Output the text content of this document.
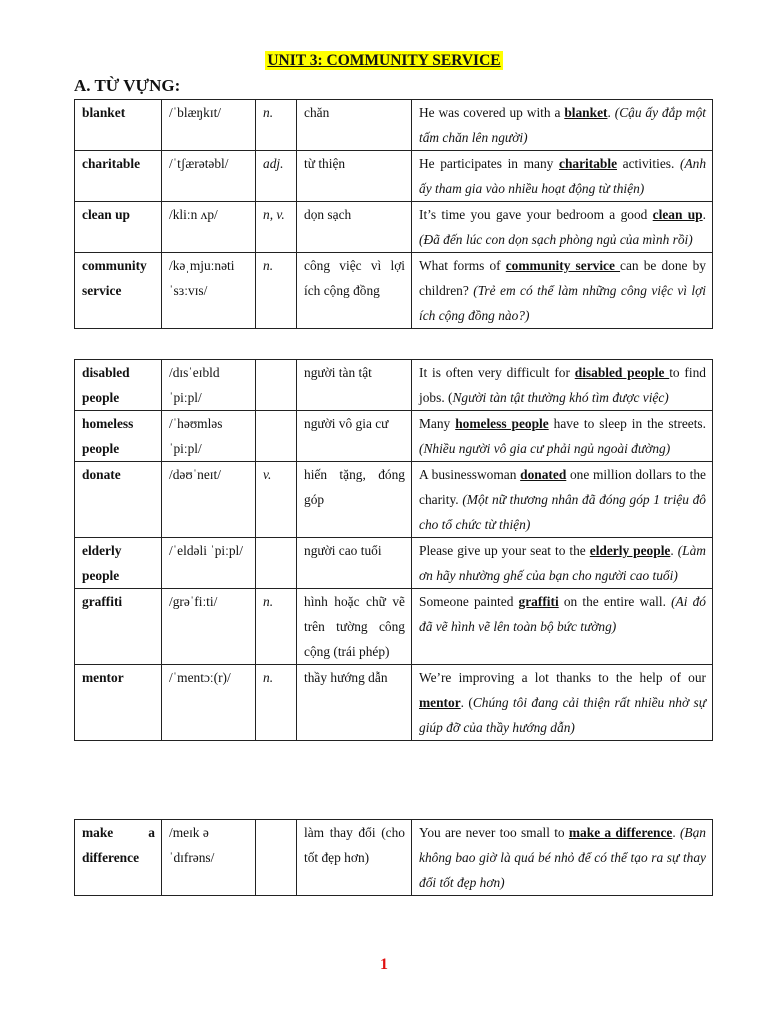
UNIT 3: COMMUNITY SERVICE
A. TỪ VỰNG:
blanket	/ˈblæŋkɪt/	n.	chăn	He was covered up with a blanket. (Cậu ấy đắp một tấm chăn lên người)
charitable	/ˈtʃærətəbl/	adj.	từ thiện	He participates in many charitable activities. (Anh ấy tham gia vào nhiều hoạt động từ thiện)
clean up	/kliːn ʌp/	n, v.	dọn sạch	It’s time you gave your bedroom a good clean up. (Đã đến lúc con dọn sạch phòng ngủ của mình rồi)
community service	/kəˌmjuːnəti ˈsɜːvɪs/	n.	công việc vì lợi ích cộng đồng	What forms of community service can be done by children? (Trẻ em có thể làm những công việc vì lợi ích cộng đồng nào?)
disabled people	/dɪsˈeɪbld ˈpiːpl/		người tàn tật	It is often very difficult for disabled people to find jobs. (Người tàn tật thường khó tìm được việc)
homeless people	/ˈhəʊmləs ˈpiːpl/		người vô gia cư	Many homeless people have to sleep in the streets. (Nhiều người vô gia cư phải ngủ ngoài đường)
donate	/dəʊˈneɪt/	v.	hiến tặng, đóng góp	A businesswoman donated one million dollars to the charity. (Một nữ thương nhân đã đóng góp 1 triệu đô cho tổ chức từ thiện)
elderly people	/ˈeldəli ˈpiːpl/		người cao tuổi	Please give up your seat to the elderly people. (Làm ơn hãy nhường ghế của bạn cho người cao tuổi)
graffiti	/grəˈfiːti/	n.	hình hoặc chữ vẽ trên tường công cộng (trái phép)	Someone painted graffiti on the entire wall. (Ai đó đã vẽ hình vẽ lên toàn bộ bức tường)
mentor	/ˈmentɔː(r)/	n.	thầy hướng dẫn	We’re improving a lot thanks to the help of our mentor. (Chúng tôi đang cải thiện rất nhiều nhờ sự giúp đỡ của thầy hướng dẫn)
make a difference	/meɪk ə ˈdɪfrəns/		làm thay đổi (cho tốt đẹp hơn)	You are never too small to make a difference. (Bạn không bao giờ là quá bé nhỏ để có thể tạo ra sự thay đổi tốt đẹp hơn)
1
